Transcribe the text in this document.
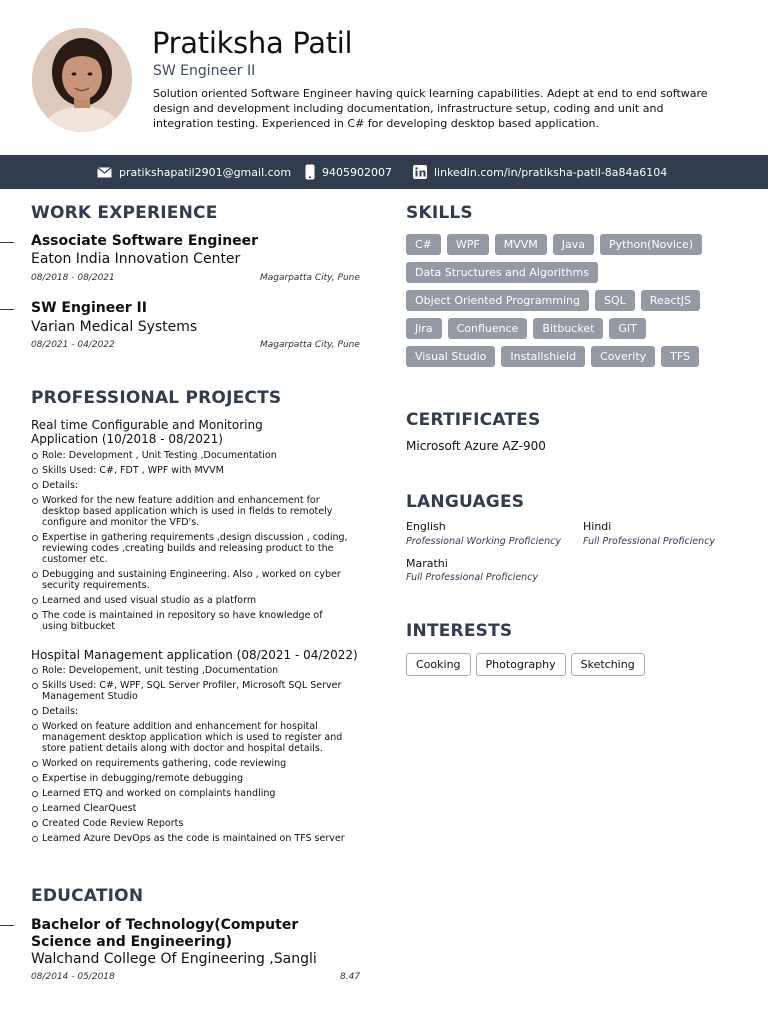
Pratiksha Patil
SW Engineer II
Solution oriented Software Engineer having quick learning capabilities. Adept at end to end software design and development including documentation, infrastructure setup, coding and unit and integration testing. Experienced in C# for developing desktop based application.
pratikshapatil2901@gmail.com	9405902007	linkedin.com/in/pratiksha-patil-8a84a6104
WORK EXPERIENCE
Associate Software Engineer
Eaton India Innovation Center
08/2018 - 08/2021	Magarpatta City, Pune
SW Engineer II
Varian Medical Systems
08/2021 - 04/2022	Magarpatta City, Pune
PROFESSIONAL PROJECTS
Real time Configurable and Monitoring Application (10/2018 - 08/2021)
Role: Development , Unit Testing ,Documentation
Skills Used: C#, FDT , WPF with MVVM
Details:
Worked for the new feature addition and enhancement for desktop based application which is used in fields to remotely configure and monitor the VFD's.
Expertise in gathering requirements ,design discussion , coding, reviewing codes ,creating builds and releasing product to the customer etc.
Debugging and sustaining Engineering. Also , worked on cyber security requirements.
Learned and used visual studio as a platform
The code is maintained in repository so have knowledge of using bitbucket
Hospital Management application (08/2021 - 04/2022)
Role: Developement, unit testing ,Documentation
Skills Used: C#, WPF, SQL Server Profiler, Microsoft SQL Server Management Studio
Details:
Worked on feature addition and enhancement for hospital management desktop application which is used to register and store patient details along with doctor and hospital details.
Worked on requirements gathering, code reviewing
Expertise in debugging/remote debugging
Learned ETQ and worked on complaints handling
Learned ClearQuest
Created Code Review Reports
Learned Azure DevOps as the code is maintained on TFS server
EDUCATION
Bachelor of Technology(Computer Science and Engineering)
Walchand College Of Engineering ,Sangli
08/2014 - 05/2018	8.47
SKILLS
C#	WPF	MVVM	Java	Python(Novice)
Data Structures and Algorithms
Object Oriented Programming	SQL	ReactJS
Jira	Confluence	Bitbucket	GIT
Visual Studio	Installshield	Coverity	TFS
CERTIFICATES
Microsoft Azure AZ-900
LANGUAGES
English
Professional Working Proficiency
Hindi
Full Professional Proficiency
Marathi
Full Professional Proficiency
INTERESTS
Cooking	Photography	Sketching
